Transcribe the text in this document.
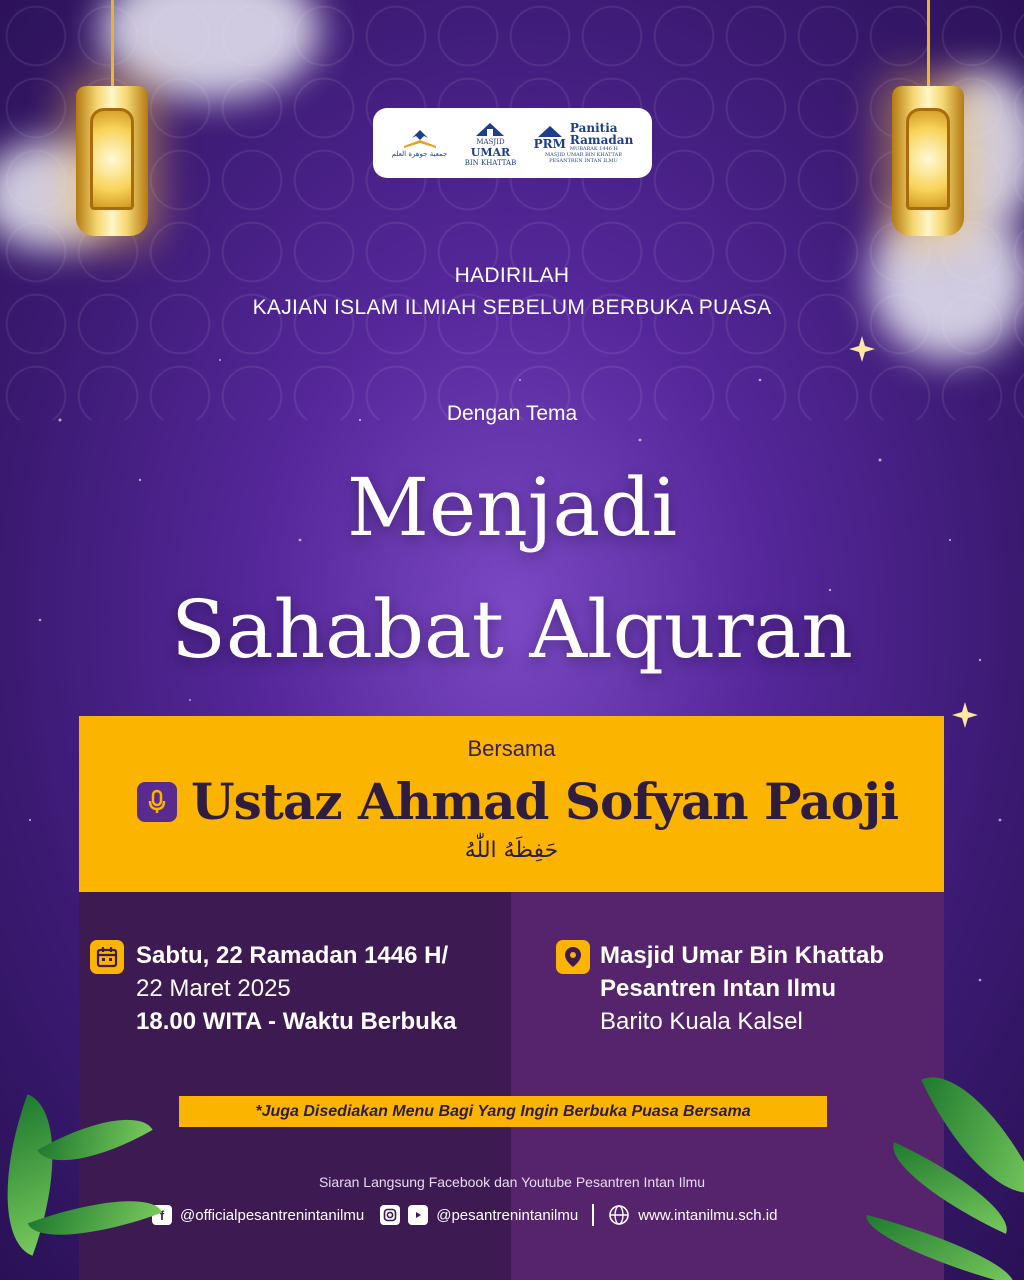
جمعية جوهرة العلم
MASJID
UMAR
BIN KHATTAB
PRM
Panitia
Ramadan
MUBARAK 1446 H
MASJID UMAR BIN KHATTAB
PESANTREN INTAN ILMU
HADIRILAH
KAJIAN ISLAM ILMIAH SEBELUM BERBUKA PUASA
Dengan Tema
Menjadi
Sahabat Alquran
Bersama
Ustaz Ahmad Sofyan Paoji
حَفِظَهُ اللّٰهُ
Sabtu, 22 Ramadan 1446 H/
22 Maret 2025
18.00 WITA - Waktu Berbuka
Masjid Umar Bin Khattab
Pesantren Intan Ilmu
Barito Kuala Kalsel
*Juga Disediakan Menu Bagi Yang Ingin Berbuka Puasa Bersama
Siaran Langsung Facebook dan Youtube Pesantren Intan Ilmu
f	@officialpesantrenintanilmu	@pesantrenintanilmu	www.intanilmu.sch.id
